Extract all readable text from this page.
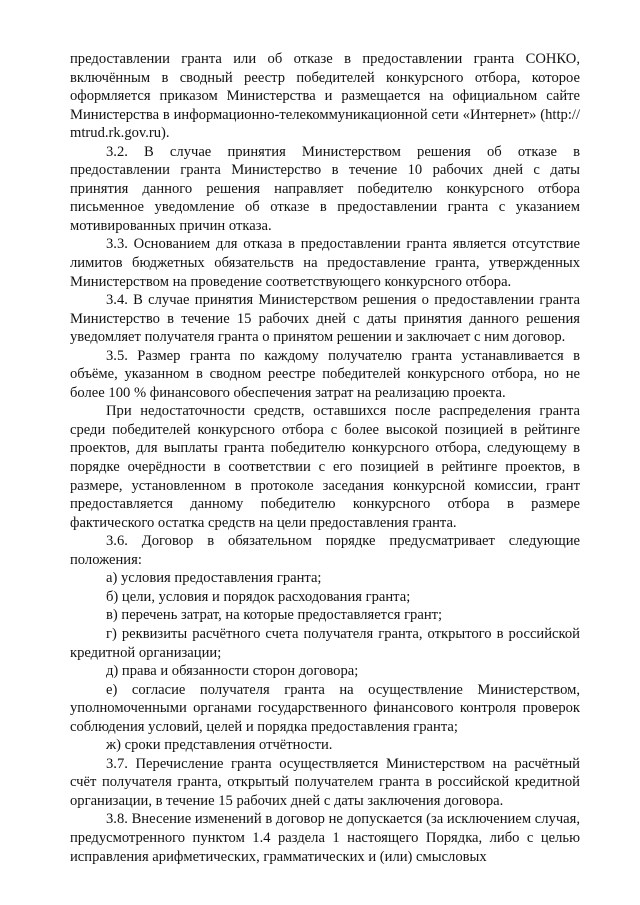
предоставлении гранта или об отказе в предоставлении гранта СОНКО, включённым в сводный реестр победителей конкурсного отбора, которое оформляется приказом Министерства и размещается на официальном сайте Министерства в информационно-телекоммуникационной сети «Интернет» (http:// mtrud.rk.gov.ru).

3.2. В случае принятия Министерством решения об отказе в предоставлении гранта Министерство в течение 10 рабочих дней с даты принятия данного решения направляет победителю конкурсного отбора письменное уведомление об отказе в предоставлении гранта с указанием мотивированных причин отказа.

3.3. Основанием для отказа в предоставлении гранта является отсутствие лимитов бюджетных обязательств на предоставление гранта, утвержденных Министерством на проведение соответствующего конкурсного отбора.

3.4. В случае принятия Министерством решения о предоставлении гранта Министерство в течение 15 рабочих дней с даты принятия данного решения уведомляет получателя гранта о принятом решении и заключает с ним договор.

3.5. Размер гранта по каждому получателю гранта устанавливается в объёме, указанном в сводном реестре победителей конкурсного отбора, но не более 100 % финансового обеспечения затрат на реализацию проекта.

При недостаточности средств, оставшихся после распределения гранта среди победителей конкурсного отбора с более высокой позицией в рейтинге проектов, для выплаты гранта победителю конкурсного отбора, следующему в порядке очерёдности в соответствии с его позицией в рейтинге проектов, в размере, установленном в протоколе заседания конкурсной комиссии, грант предоставляется данному победителю конкурсного отбора в размере фактического остатка средств на цели предоставления гранта.

3.6. Договор в обязательном порядке предусматривает следующие положения:

а) условия предоставления гранта;

б) цели, условия и порядок расходования гранта;

в) перечень затрат, на которые предоставляется грант;

г) реквизиты расчётного счета получателя гранта, открытого в российской кредитной организации;

д) права и обязанности сторон договора;

е) согласие получателя гранта на осуществление Министерством, уполномоченными органами государственного финансового контроля проверок соблюдения условий, целей и порядка предоставления гранта;

ж) сроки представления отчётности.

3.7. Перечисление гранта осуществляется Министерством на расчётный счёт получателя гранта, открытый получателем гранта в российской кредитной организации, в течение 15 рабочих дней с даты заключения договора.

3.8. Внесение изменений в договор не допускается (за исключением случая, предусмотренного пунктом 1.4 раздела 1 настоящего Порядка, либо с целью исправления арифметических, грамматических и (или) смысловых
